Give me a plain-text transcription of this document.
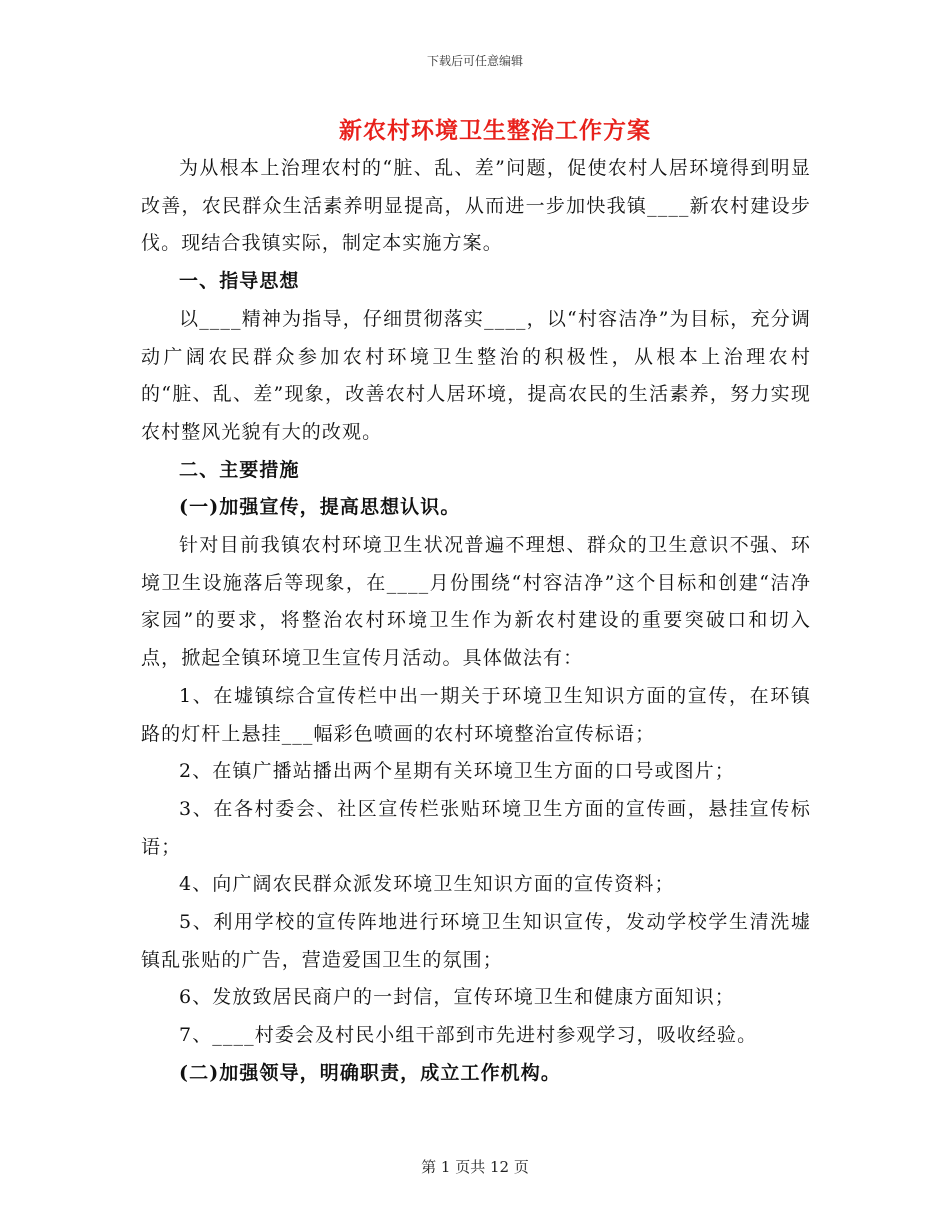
下载后可任意编辑
新农村环境卫生整治工作方案

为从根本上治理农村的“脏、乱、差”问题，促使农村人居环境得到明显改善，农民群众生活素养明显提高，从而进一步加快我镇____新农村建设步伐。现结合我镇实际，制定本实施方案。

一、指导思想

以____精神为指导，仔细贯彻落实____，以“村容洁净”为目标，充分调动广阔农民群众参加农村环境卫生整治的积极性，从根本上治理农村的“脏、乱、差”现象，改善农村人居环境，提高农民的生活素养，努力实现农村整风光貌有大的改观。

二、主要措施

(一)加强宣传，提高思想认识。

针对目前我镇农村环境卫生状况普遍不理想、群众的卫生意识不强、环境卫生设施落后等现象，在____月份围绕“村容洁净”这个目标和创建“洁净家园”的要求，将整治农村环境卫生作为新农村建设的重要突破口和切入点，掀起全镇环境卫生宣传月活动。具体做法有：

1、在墟镇综合宣传栏中出一期关于环境卫生知识方面的宣传，在环镇路的灯杆上悬挂___幅彩色喷画的农村环境整治宣传标语；

2、在镇广播站播出两个星期有关环境卫生方面的口号或图片；

3、在各村委会、社区宣传栏张贴环境卫生方面的宣传画，悬挂宣传标语；

4、向广阔农民群众派发环境卫生知识方面的宣传资料；

5、利用学校的宣传阵地进行环境卫生知识宣传，发动学校学生清洗墟镇乱张贴的广告，营造爱国卫生的氛围；

6、发放致居民商户的一封信，宣传环境卫生和健康方面知识；

7、____村委会及村民小组干部到市先进村参观学习，吸收经验。

(二)加强领导，明确职责，成立工作机构。

第 1 页共 12 页
